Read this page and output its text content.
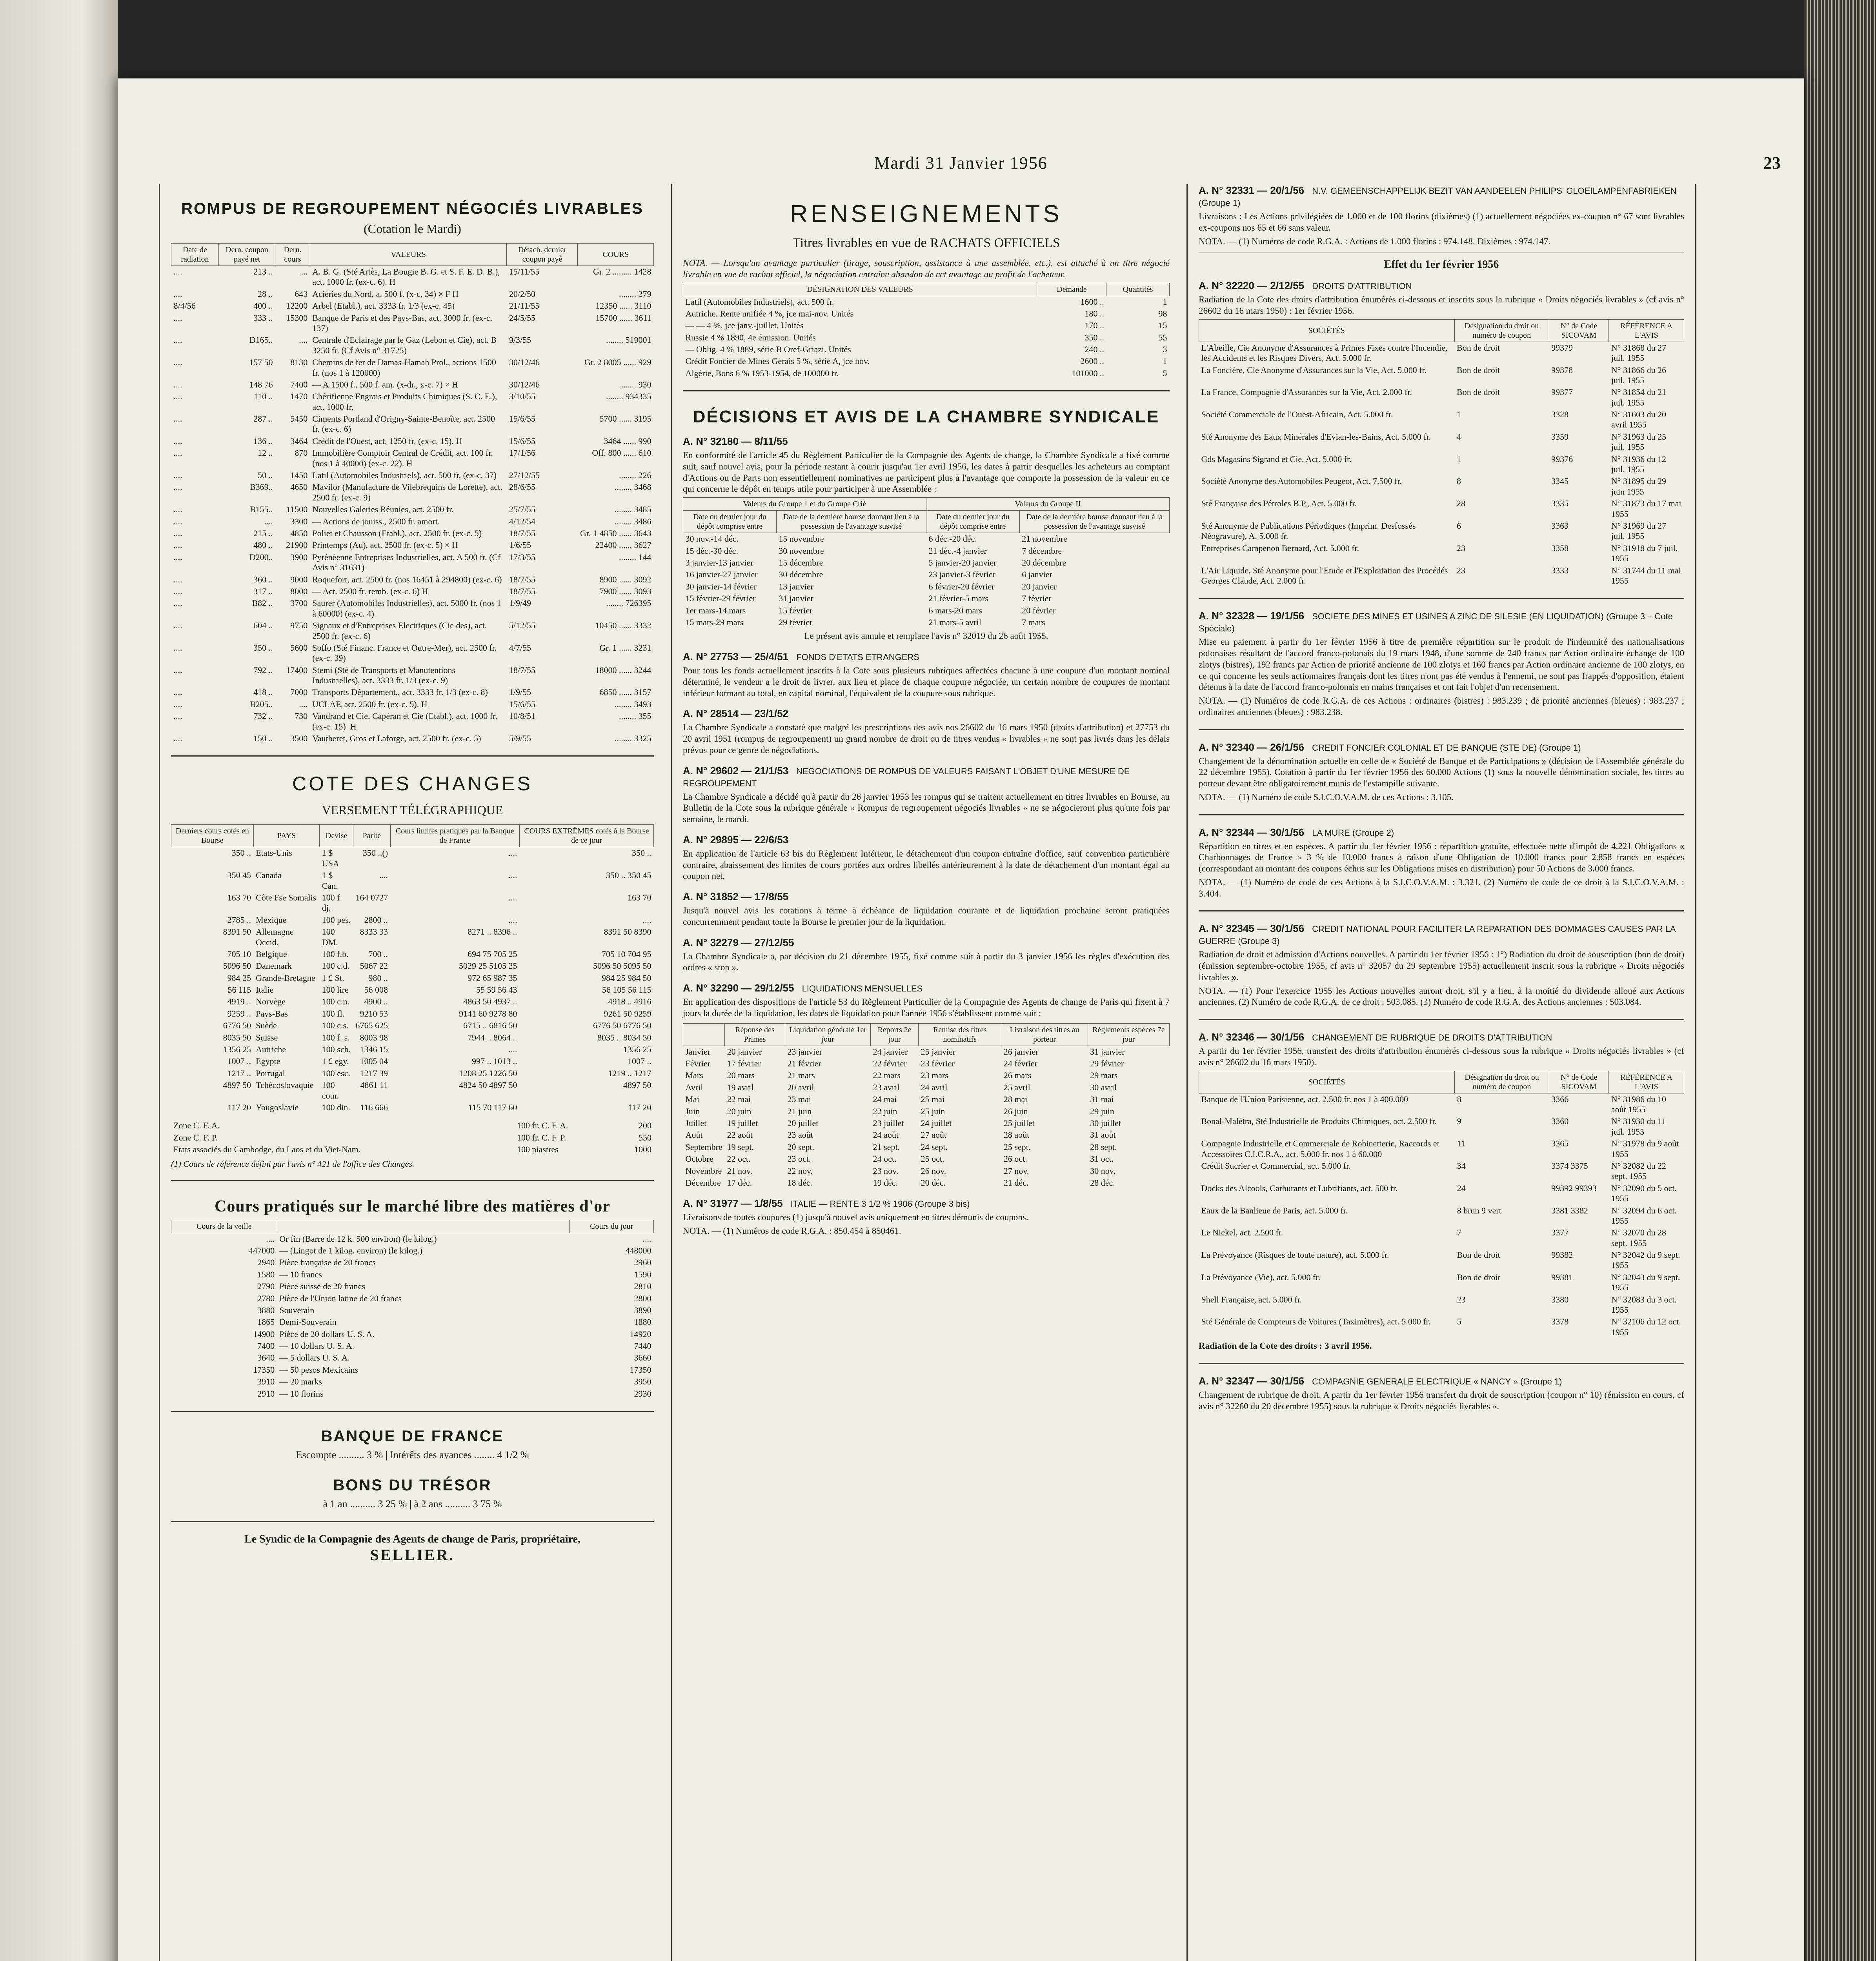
Mardi 31 Janvier 1956	23
ROMPUS DE REGROUPEMENT NÉGOCIÉS LIVRABLES
(Cotation le Mardi)
Date de radiation	Dern. coupon payé net	Dern. cours	VALEURS	Détach. dernier coupon payé	COURS
....	213 ..	....	A. B. G. (Sté Artès, La Bougie B. G. et S. F. E. D. B.), act. 1000 fr. (ex-c. 6). H	15/11/55	Gr. 2 ......... 1428
....	28 ..	643	Aciéries du Nord, a. 500 f. (x-c. 34) × F H	20/2/50	........ 279
8/4/56	400 ..	12200	Arbel (Etabl.), act. 3333 fr. 1/3 (ex-c. 45)	21/11/55	12350 ...... 3110
....	333 ..	15300	Banque de Paris et des Pays-Bas, act. 3000 fr. (ex-c. 137)	24/5/55	15700 ...... 3611
....	D165..	....	Centrale d'Eclairage par le Gaz (Lebon et Cie), act. B 3250 fr. (Cf Avis n° 31725)	9/3/55	........ 519001
....	157 50	8130	Chemins de fer de Damas-Hamah Prol., actions 1500 fr. (nos 1 à 120000)	30/12/46	Gr. 2 8005 ...... 929
....	148 76	7400	— A.1500 f., 500 f. am. (x-dr., x-c. 7) × H	30/12/46	........ 930
....	110 ..	1470	Chérifienne Engrais et Produits Chimiques (S. C. E.), act. 1000 fr.	3/10/55	........ 934335
....	287 ..	5450	Ciments Portland d'Origny-Sainte-Benoîte, act. 2500 fr. (ex-c. 6)	15/6/55	5700 ...... 3195
....	136 ..	3464	Crédit de l'Ouest, act. 1250 fr. (ex-c. 15). H	15/6/55	3464 ...... 990
....	12 ..	870	Immobilière Comptoir Central de Crédit, act. 100 fr. (nos 1 à 40000) (ex-c. 22). H	17/1/56	Off. 800 ...... 610
....	50 ..	1450	Latil (Automobiles Industriels), act. 500 fr. (ex-c. 37)	27/12/55	........ 226
....	B369..	4650	Mavilor (Manufacture de Vilebrequins de Lorette), act. 2500 fr. (ex-c. 9)	28/6/55	........ 3468
....	B155..	11500	Nouvelles Galeries Réunies, act. 2500 fr.	25/7/55	........ 3485
....	....	3300	— Actions de jouiss., 2500 fr. amort.	4/12/54	........ 3486
....	215 ..	4850	Poliet et Chausson (Etabl.), act. 2500 fr. (ex-c. 5)	18/7/55	Gr. 1 4850 ...... 3643
....	480 ..	21900	Printemps (Au), act. 2500 fr. (ex-c. 5) × H	1/6/55	22400 ...... 3627
....	D200..	3900	Pyrénéenne Entreprises Industrielles, act. A 500 fr. (Cf Avis n° 31631)	17/3/55	........ 144
....	360 ..	9000	Roquefort, act. 2500 fr. (nos 16451 à 294800) (ex-c. 6)	18/7/55	8900 ...... 3092
....	317 ..	8000	— Act. 2500 fr. remb. (ex-c. 6) H	18/7/55	7900 ...... 3093
....	B82 ..	3700	Saurer (Automobiles Industrielles), act. 5000 fr. (nos 1 à 60000) (ex-c. 4)	1/9/49	........ 726395
....	604 ..	9750	Signaux et d'Entreprises Electriques (Cie des), act. 2500 fr. (ex-c. 6)	5/12/55	10450 ...... 3332
....	350 ..	5600	Soffo (Sté Financ. France et Outre-Mer), act. 2500 fr. (ex-c. 39)	4/7/55	Gr. 1 ...... 3231
....	792 ..	17400	Stemi (Sté de Transports et Manutentions Industrielles), act. 3333 fr. 1/3 (ex-c. 9)	18/7/55	18000 ...... 3244
....	418 ..	7000	Transports Département., act. 3333 fr. 1/3 (ex-c. 8)	1/9/55	6850 ...... 3157
....	B205..	....	UCLAF, act. 2500 fr. (ex-c. 5). H	15/6/55	........ 3493
....	732 ..	730	Vandrand et Cie, Capéran et Cie (Etabl.), act. 1000 fr. (ex-c. 15). H	10/8/51	........ 355
....	150 ..	3500	Vautheret, Gros et Laforge, act. 2500 fr. (ex-c. 5)	5/9/55	........ 3325
COTE DES CHANGES
VERSEMENT TÉLÉGRAPHIQUE
Derniers cours cotés en Bourse	PAYS	Devise	Parité	Cours limites pratiqués par la Banque de France	COURS EXTRÊMES cotés à la Bourse de ce jour
350 ..	Etats-Unis	1 $ USA	350 ..()	....	350 ..
350 45	Canada	1 $ Can.	....	....	350 .. 350 45
163 70	Côte Fse Somalis	100 f. dj.	164 0727	....	163 70
2785 ..	Mexique	100 pes.	2800 ..	....	....
8391 50	Allemagne Occid.	100 DM.	8333 33	8271 .. 8396 ..	8391 50 8390
705 10	Belgique	100 f.b.	700 ..	694 75 705 25	705 10 704 95
5096 50	Danemark	100 c.d.	5067 22	5029 25 5105 25	5096 50 5095 50
984 25	Grande-Bretagne	1 £ St.	980 ..	972 65 987 35	984 25 984 50
56 115	Italie	100 lire	56 008	55 59 56 43	56 105 56 115
4919 ..	Norvège	100 c.n.	4900 ..	4863 50 4937 ..	4918 .. 4916
9259 ..	Pays-Bas	100 fl.	9210 53	9141 60 9278 80	9261 50 9259
6776 50	Suède	100 c.s.	6765 625	6715 .. 6816 50	6776 50 6776 50
8035 50	Suisse	100 f. s.	8003 98	7944 .. 8064 ..	8035 .. 8034 50
1356 25	Autriche	100 sch.	1346 15	....	1356 25
1007 ..	Egypte	1 £ egy.	1005 04	997 .. 1013 ..	1007 ..
1217 ..	Portugal	100 esc.	1217 39	1208 25 1226 50	1219 .. 1217
4897 50	Tchécoslovaquie	100 cour.	4861 11	4824 50 4897 50	4897 50
117 20	Yougoslavie	100 din.	116 666	115 70 117 60	117 20
Zone C. F. A.	100 fr. C. F. A.	200
Zone C. F. P.	100 fr. C. F. P.	550
Etats associés du Cambodge, du Laos et du Viet-Nam.	100 piastres	1000
(1) Cours de référence défini par l'avis n° 421 de l'office des Changes.
Cours pratiqués sur le marché libre des matières d'or
Cours de la veille		Cours du jour
....	Or fin (Barre de 12 k. 500 environ) (le kilog.)	....
447000	— (Lingot de 1 kilog. environ) (le kilog.)	448000
2940	Pièce française de 20 francs	2960
1580	— 10 francs	1590
2790	Pièce suisse de 20 francs	2810
2780	Pièce de l'Union latine de 20 francs	2800
3880	Souverain	3890
1865	Demi-Souverain	1880
14900	Pièce de 20 dollars U. S. A.	14920
7400	— 10 dollars U. S. A.	7440
3640	— 5 dollars U. S. A.	3660
17350	— 50 pesos Mexicains	17350
3910	— 20 marks	3950
2910	— 10 florins	2930
BANQUE DE FRANCE
Escompte .......... 3 % | Intérêts des avances ........ 4 1/2 %
BONS DU TRÉSOR
à 1 an .......... 3 25 % | à 2 ans .......... 3 75 %
Le Syndic de la Compagnie des Agents de change de Paris, propriétaire,
SELLIER.
RENSEIGNEMENTS
Titres livrables en vue de RACHATS OFFICIELS
NOTA. — Lorsqu'un avantage particulier (tirage, souscription, assistance à une assemblée, etc.), est attaché à un titre négocié livrable en vue de rachat officiel, la négociation entraîne abandon de cet avantage au profit de l'acheteur.
DÉSIGNATION DES VALEURS	Demande	Quantités
Latil (Automobiles Industriels), act. 500 fr.	1600 ..	1
Autriche. Rente unifiée 4 %, jce mai-nov. Unités	180 ..	98
— — 4 %, jce janv.-juillet. Unités	170 ..	15
Russie 4 % 1890, 4e émission. Unités	350 ..	55
— Oblig. 4 % 1889, série B Oref-Griazi. Unités	240 ..	3
Crédit Foncier de Mines Gerais 5 %, série A, jce nov.	2600 ..	1
Algérie, Bons 6 % 1953-1954, de 100000 fr.	101000 ..	5
DÉCISIONS ET AVIS DE LA CHAMBRE SYNDICALE
A. N° 32180 — 8/11/55
En conformité de l'article 45 du Règlement Particulier de la Compagnie des Agents de change, la Chambre Syndicale a fixé comme suit, sauf nouvel avis, pour la période restant à courir jusqu'au 1er avril 1956, les dates à partir desquelles les acheteurs au comptant d'Actions ou de Parts non essentiellement nominatives ne participent plus à l'avantage que comporte la possession de la valeur en ce qui concerne le dépôt en temps utile pour participer à une Assemblée :
Valeurs du Groupe 1 et du Groupe Crié		Valeurs du Groupe II	
Date du dernier jour du dépôt comprise entre	Date de la dernière bourse donnant lieu à la possession de l'avantage susvisé	Date du dernier jour du dépôt comprise entre	Date de la dernière bourse donnant lieu à la possession de l'avantage susvisé
30 nov.-14 déc.	15 novembre	6 déc.-20 déc.	21 novembre
15 déc.-30 déc.	30 novembre	21 déc.-4 janvier	7 décembre
3 janvier-13 janvier	15 décembre	5 janvier-20 janvier	20 décembre
16 janvier-27 janvier	30 décembre	23 janvier-3 février	6 janvier
30 janvier-14 février	13 janvier	6 février-20 février	20 janvier
15 février-29 février	31 janvier	21 février-5 mars	7 février
1er mars-14 mars	15 février	6 mars-20 mars	20 février
15 mars-29 mars	29 février	21 mars-5 avril	7 mars
Le présent avis annule et remplace l'avis n° 32019 du 26 août 1955.
A. N° 27753 — 25/4/51 FONDS D'ETATS ETRANGERS
Pour tous les fonds actuellement inscrits à la Cote sous plusieurs rubriques affectées chacune à une coupure d'un montant nominal déterminé, le vendeur a le droit de livrer, aux lieu et place de chaque coupure négociée, un certain nombre de coupures de montant inférieur formant au total, en capital nominal, l'équivalent de la coupure sous rubrique.
A. N° 28514 — 23/1/52
La Chambre Syndicale a constaté que malgré les prescriptions des avis nos 26602 du 16 mars 1950 (droits d'attribution) et 27753 du 20 avril 1951 (rompus de regroupement) un grand nombre de droit ou de titres vendus « livrables » ne sont pas livrés dans les délais prévus pour ce genre de négociations.
A. N° 29602 — 21/1/53 NEGOCIATIONS DE ROMPUS DE VALEURS FAISANT L'OBJET D'UNE MESURE DE REGROUPEMENT
La Chambre Syndicale a décidé qu'à partir du 26 janvier 1953 les rompus qui se traitent actuellement en titres livrables en Bourse, au Bulletin de la Cote sous la rubrique générale « Rompus de regroupement négociés livrables » ne se négocieront plus qu'une fois par semaine, le mardi.
A. N° 29895 — 22/6/53
En application de l'article 63 bis du Règlement Intérieur, le détachement d'un coupon entraîne d'office, sauf convention particulière contraire, abaissement des limites de cours portées aux ordres libellés antérieurement à la date de détachement d'un montant égal au coupon net.
A. N° 31852 — 17/8/55
Jusqu'à nouvel avis les cotations à terme à échéance de liquidation courante et de liquidation prochaine seront pratiquées concurremment pendant toute la Bourse le premier jour de la liquidation.
A. N° 32279 — 27/12/55
La Chambre Syndicale a, par décision du 21 décembre 1955, fixé comme suit à partir du 3 janvier 1956 les règles d'exécution des ordres « stop ».
A. N° 32290 — 29/12/55 LIQUIDATIONS MENSUELLES
En application des dispositions de l'article 53 du Règlement Particulier de la Compagnie des Agents de change de Paris qui fixent à 7 jours la durée de la liquidation, les dates de liquidation pour l'année 1956 s'établissent comme suit :
	Réponse des Primes	Liquidation générale 1er jour	Reports 2e jour	Remise des titres nominatifs	Livraison des titres au porteur	Règlements espèces 7e jour
Janvier	20 janvier	23 janvier	24 janvier	25 janvier	26 janvier	31 janvier
Février	17 février	21 février	22 février	23 février	24 février	29 février
Mars	20 mars	21 mars	22 mars	23 mars	26 mars	29 mars
Avril	19 avril	20 avril	23 avril	24 avril	25 avril	30 avril
Mai	22 mai	23 mai	24 mai	25 mai	28 mai	31 mai
Juin	20 juin	21 juin	22 juin	25 juin	26 juin	29 juin
Juillet	19 juillet	20 juillet	23 juillet	24 juillet	25 juillet	30 juillet
Août	22 août	23 août	24 août	27 août	28 août	31 août
Septembre	19 sept.	20 sept.	21 sept.	24 sept.	25 sept.	28 sept.
Octobre	22 oct.	23 oct.	24 oct.	25 oct.	26 oct.	31 oct.
Novembre	21 nov.	22 nov.	23 nov.	26 nov.	27 nov.	30 nov.
Décembre	17 déc.	18 déc.	19 déc.	20 déc.	21 déc.	28 déc.
A. N° 31977 — 1/8/55 ITALIE — RENTE 3 1/2 % 1906 (Groupe 3 bis)
Livraisons de toutes coupures (1) jusqu'à nouvel avis uniquement en titres démunis de coupons.
NOTA. — (1) Numéros de code R.G.A. : 850.454 à 850461.
A. N° 32331 — 20/1/56 N.V. GEMEENSCHAPPELIJK BEZIT VAN AANDEELEN PHILIPS' GLOEILAMPENFABRIEKEN (Groupe 1)
Livraisons : Les Actions privilégiées de 1.000 et de 100 florins (dixièmes) (1) actuellement négociées ex-coupon n° 67 sont livrables ex-coupons nos 65 et 66 sans valeur.
NOTA. — (1) Numéros de code R.G.A. : Actions de 1.000 florins : 974.148. Dixièmes : 974.147.
Effet du 1er février 1956
A. N° 32220 — 2/12/55 DROITS D'ATTRIBUTION
Radiation de la Cote des droits d'attribution énumérés ci-dessous et inscrits sous la rubrique « Droits négociés livrables » (cf avis n° 26602 du 16 mars 1950) : 1er février 1956.
SOCIÉTÉS	Désignation du droit ou numéro de coupon	N° de Code SICOVAM	RÉFÉRENCE A L'AVIS
L'Abeille, Cie Anonyme d'Assurances à Primes Fixes contre l'Incendie, les Accidents et les Risques Divers, Act. 5.000 fr.	Bon de droit	99379	N° 31868 du 27 juil. 1955
La Foncière, Cie Anonyme d'Assurances sur la Vie, Act. 5.000 fr.	Bon de droit	99378	N° 31866 du 26 juil. 1955
La France, Compagnie d'Assurances sur la Vie, Act. 2.000 fr.	Bon de droit	99377	N° 31854 du 21 juil. 1955
Société Commerciale de l'Ouest-Africain, Act. 5.000 fr.	1	3328	N° 31603 du 20 avril 1955
Sté Anonyme des Eaux Minérales d'Evian-les-Bains, Act. 5.000 fr.	4	3359	N° 31963 du 25 juil. 1955
Gds Magasins Sigrand et Cie, Act. 5.000 fr.	1	99376	N° 31936 du 12 juil. 1955
Société Anonyme des Automobiles Peugeot, Act. 7.500 fr.	8	3345	N° 31895 du 29 juin 1955
Sté Française des Pétroles B.P., Act. 5.000 fr.	28	3335	N° 31873 du 17 mai 1955
Sté Anonyme de Publications Périodiques (Imprim. Desfossés Néogravure), A. 5.000 fr.	6	3363	N° 31969 du 27 juil. 1955
Entreprises Campenon Bernard, Act. 5.000 fr.	23	3358	N° 31918 du 7 juil. 1955
L'Air Liquide, Sté Anonyme pour l'Etude et l'Exploitation des Procédés Georges Claude, Act. 2.000 fr.	23	3333	N° 31744 du 11 mai 1955
A. N° 32328 — 19/1/56 SOCIETE DES MINES ET USINES A ZINC DE SILESIE (EN LIQUIDATION) (Groupe 3 – Cote Spéciale)
Mise en paiement à partir du 1er février 1956 à titre de première répartition sur le produit de l'indemnité des nationalisations polonaises résultant de l'accord franco-polonais du 19 mars 1948, d'une somme de 240 francs par Action ordinaire échange de 100 zlotys (bistres), 192 francs par Action de priorité ancienne de 100 zlotys et 160 francs par Action ordinaire ancienne de 100 zlotys, en ce qui concerne les seuls actionnaires français dont les titres n'ont pas été vendus à l'ennemi, ne sont pas frappés d'opposition, étaient détenus à la date de l'accord franco-polonais en mains françaises et ont fait l'objet d'un recensement.
NOTA. — (1) Numéros de code R.G.A. de ces Actions : ordinaires (bistres) : 983.239 ; de priorité anciennes (bleues) : 983.237 ; ordinaires anciennes (bleues) : 983.238.
A. N° 32340 — 26/1/56 CREDIT FONCIER COLONIAL ET DE BANQUE (STE DE) (Groupe 1)
Changement de la dénomination actuelle en celle de « Société de Banque et de Participations » (décision de l'Assemblée générale du 22 décembre 1955). Cotation à partir du 1er février 1956 des 60.000 Actions (1) sous la nouvelle dénomination sociale, les titres au porteur devant être obligatoirement munis de l'estampille suivante.
NOTA. — (1) Numéro de code S.I.C.O.V.A.M. de ces Actions : 3.105.
A. N° 32344 — 30/1/56 LA MURE (Groupe 2)
Répartition en titres et en espèces. A partir du 1er février 1956 : répartition gratuite, effectuée nette d'impôt de 4.221 Obligations « Charbonnages de France » 3 % de 10.000 francs à raison d'une Obligation de 10.000 francs pour 2.858 francs en espèces (correspondant au montant des coupons échus sur les Obligations mises en distribution) pour 50 Actions de 3.000 francs.
NOTA. — (1) Numéro de code de ces Actions à la S.I.C.O.V.A.M. : 3.321. (2) Numéro de code de ce droit à la S.I.C.O.V.A.M. : 3.404.
A. N° 32345 — 30/1/56 CREDIT NATIONAL POUR FACILITER LA REPARATION DES DOMMAGES CAUSES PAR LA GUERRE (Groupe 3)
Radiation de droit et admission d'Actions nouvelles. A partir du 1er février 1956 : 1°) Radiation du droit de souscription (bon de droit) (émission septembre-octobre 1955, cf avis n° 32057 du 29 septembre 1955) actuellement inscrit sous la rubrique « Droits négociés livrables ».
NOTA. — (1) Pour l'exercice 1955 les Actions nouvelles auront droit, s'il y a lieu, à la moitié du dividende alloué aux Actions anciennes. (2) Numéro de code R.G.A. de ce droit : 503.085. (3) Numéro de code R.G.A. des Actions anciennes : 503.084.
A. N° 32346 — 30/1/56 CHANGEMENT DE RUBRIQUE DE DROITS D'ATTRIBUTION
A partir du 1er février 1956, transfert des droits d'attribution énumérés ci-dessous sous la rubrique « Droits négociés livrables » (cf avis n° 26602 du 16 mars 1950).
SOCIÉTÉS	Désignation du droit ou numéro de coupon	N° de Code SICOVAM	RÉFÉRENCE A L'AVIS
Banque de l'Union Parisienne, act. 2.500 fr. nos 1 à 400.000	8	3366	N° 31986 du 10 août 1955
Bonal-Malétra, Sté Industrielle de Produits Chimiques, act. 2.500 fr.	9	3360	N° 31930 du 11 juil. 1955
Compagnie Industrielle et Commerciale de Robinetterie, Raccords et Accessoires C.I.C.R.A., act. 5.000 fr. nos 1 à 60.000	11	3365	N° 31978 du 9 août 1955
Crédit Sucrier et Commercial, act. 5.000 fr.	34	3374 3375	N° 32082 du 22 sept. 1955
Docks des Alcools, Carburants et Lubrifiants, act. 500 fr.	24	99392 99393	N° 32090 du 5 oct. 1955
Eaux de la Banlieue de Paris, act. 5.000 fr.	8 brun 9 vert	3381 3382	N° 32094 du 6 oct. 1955
Le Nickel, act. 2.500 fr.	7	3377	N° 32070 du 28 sept. 1955
La Prévoyance (Risques de toute nature), act. 5.000 fr.	Bon de droit	99382	N° 32042 du 9 sept. 1955
La Prévoyance (Vie), act. 5.000 fr.	Bon de droit	99381	N° 32043 du 9 sept. 1955
Shell Française, act. 5.000 fr.	23	3380	N° 32083 du 3 oct. 1955
Sté Générale de Compteurs de Voitures (Taximètres), act. 5.000 fr.	5	3378	N° 32106 du 12 oct. 1955
Radiation de la Cote des droits : 3 avril 1956.
A. N° 32347 — 30/1/56 COMPAGNIE GENERALE ELECTRIQUE « NANCY » (Groupe 1)
Changement de rubrique de droit. A partir du 1er février 1956 transfert du droit de souscription (coupon n° 10) (émission en cours, cf avis n° 32260 du 20 décembre 1955) sous la rubrique « Droits négociés livrables ».
